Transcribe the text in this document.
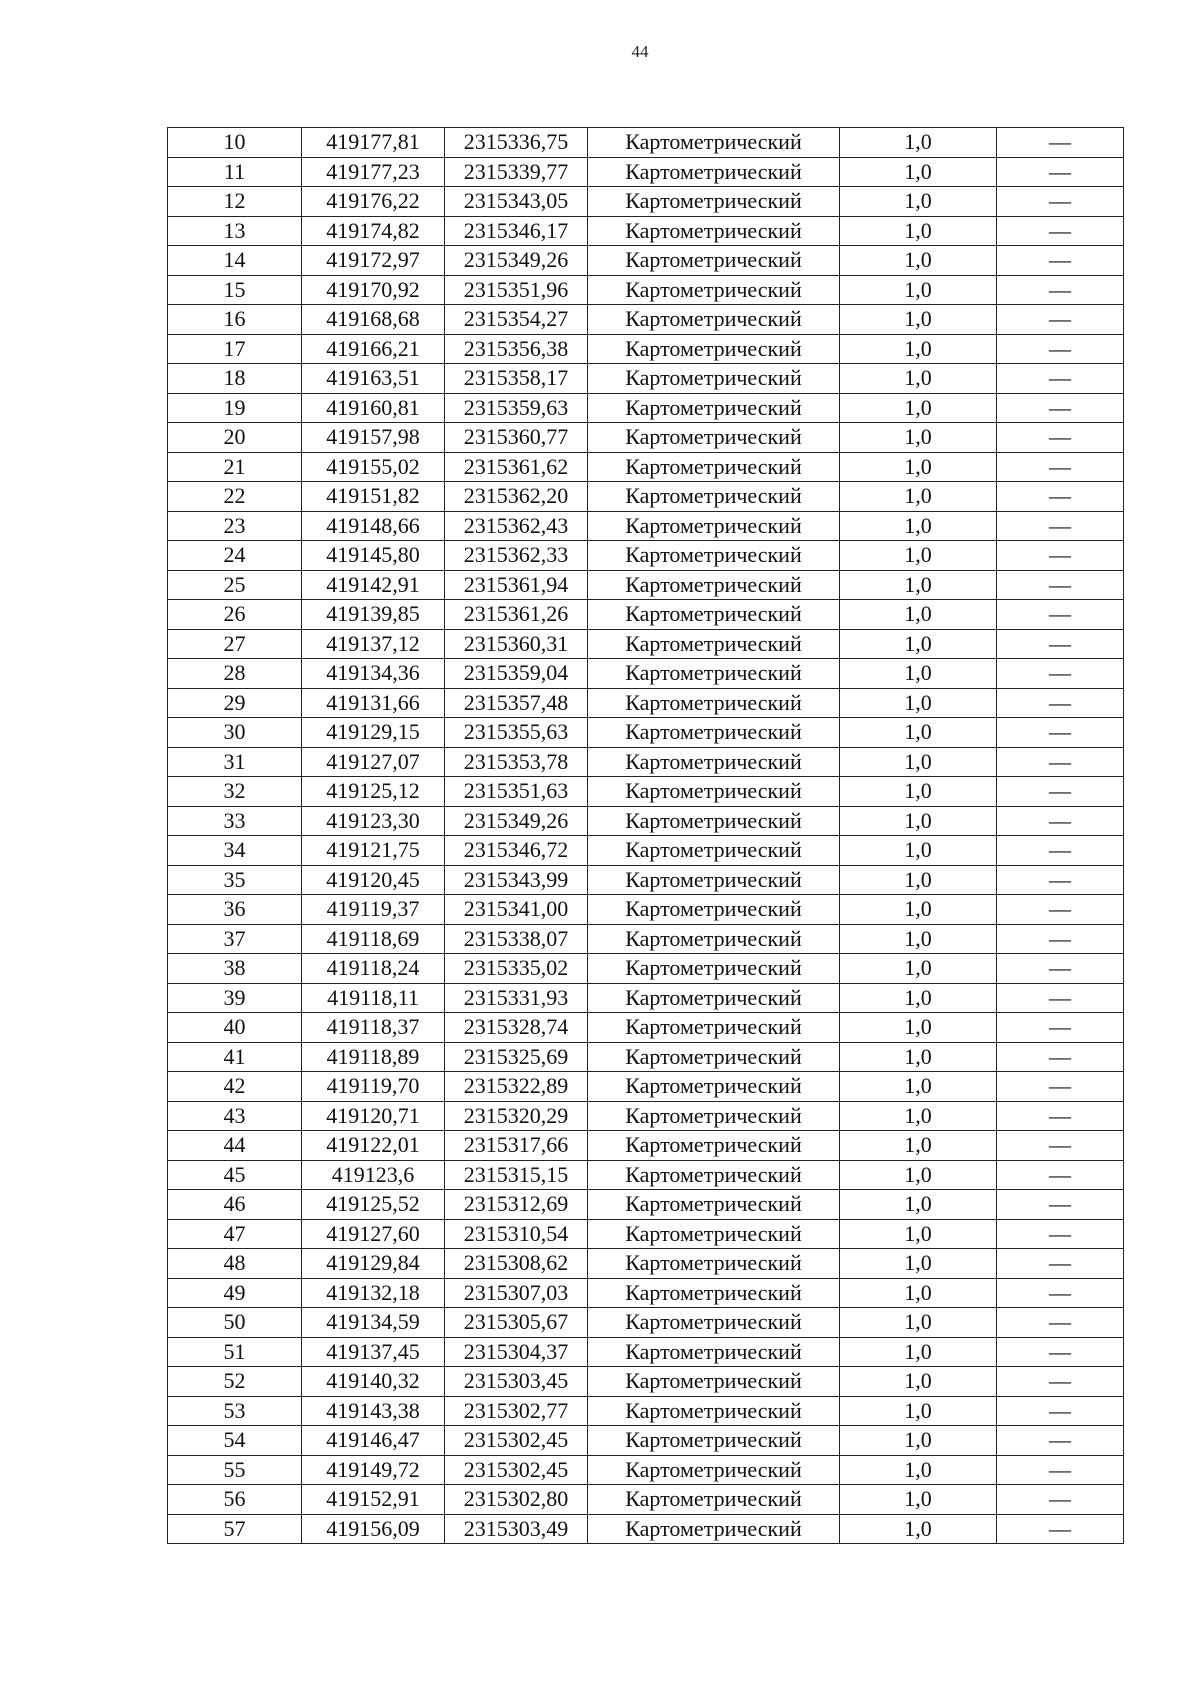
44
10	419177,81	2315336,75	Картометрический	1,0	—
11	419177,23	2315339,77	Картометрический	1,0	—
12	419176,22	2315343,05	Картометрический	1,0	—
13	419174,82	2315346,17	Картометрический	1,0	—
14	419172,97	2315349,26	Картометрический	1,0	—
15	419170,92	2315351,96	Картометрический	1,0	—
16	419168,68	2315354,27	Картометрический	1,0	—
17	419166,21	2315356,38	Картометрический	1,0	—
18	419163,51	2315358,17	Картометрический	1,0	—
19	419160,81	2315359,63	Картометрический	1,0	—
20	419157,98	2315360,77	Картометрический	1,0	—
21	419155,02	2315361,62	Картометрический	1,0	—
22	419151,82	2315362,20	Картометрический	1,0	—
23	419148,66	2315362,43	Картометрический	1,0	—
24	419145,80	2315362,33	Картометрический	1,0	—
25	419142,91	2315361,94	Картометрический	1,0	—
26	419139,85	2315361,26	Картометрический	1,0	—
27	419137,12	2315360,31	Картометрический	1,0	—
28	419134,36	2315359,04	Картометрический	1,0	—
29	419131,66	2315357,48	Картометрический	1,0	—
30	419129,15	2315355,63	Картометрический	1,0	—
31	419127,07	2315353,78	Картометрический	1,0	—
32	419125,12	2315351,63	Картометрический	1,0	—
33	419123,30	2315349,26	Картометрический	1,0	—
34	419121,75	2315346,72	Картометрический	1,0	—
35	419120,45	2315343,99	Картометрический	1,0	—
36	419119,37	2315341,00	Картометрический	1,0	—
37	419118,69	2315338,07	Картометрический	1,0	—
38	419118,24	2315335,02	Картометрический	1,0	—
39	419118,11	2315331,93	Картометрический	1,0	—
40	419118,37	2315328,74	Картометрический	1,0	—
41	419118,89	2315325,69	Картометрический	1,0	—
42	419119,70	2315322,89	Картометрический	1,0	—
43	419120,71	2315320,29	Картометрический	1,0	—
44	419122,01	2315317,66	Картометрический	1,0	—
45	419123,6	2315315,15	Картометрический	1,0	—
46	419125,52	2315312,69	Картометрический	1,0	—
47	419127,60	2315310,54	Картометрический	1,0	—
48	419129,84	2315308,62	Картометрический	1,0	—
49	419132,18	2315307,03	Картометрический	1,0	—
50	419134,59	2315305,67	Картометрический	1,0	—
51	419137,45	2315304,37	Картометрический	1,0	—
52	419140,32	2315303,45	Картометрический	1,0	—
53	419143,38	2315302,77	Картометрический	1,0	—
54	419146,47	2315302,45	Картометрический	1,0	—
55	419149,72	2315302,45	Картометрический	1,0	—
56	419152,91	2315302,80	Картометрический	1,0	—
57	419156,09	2315303,49	Картометрический	1,0	—
